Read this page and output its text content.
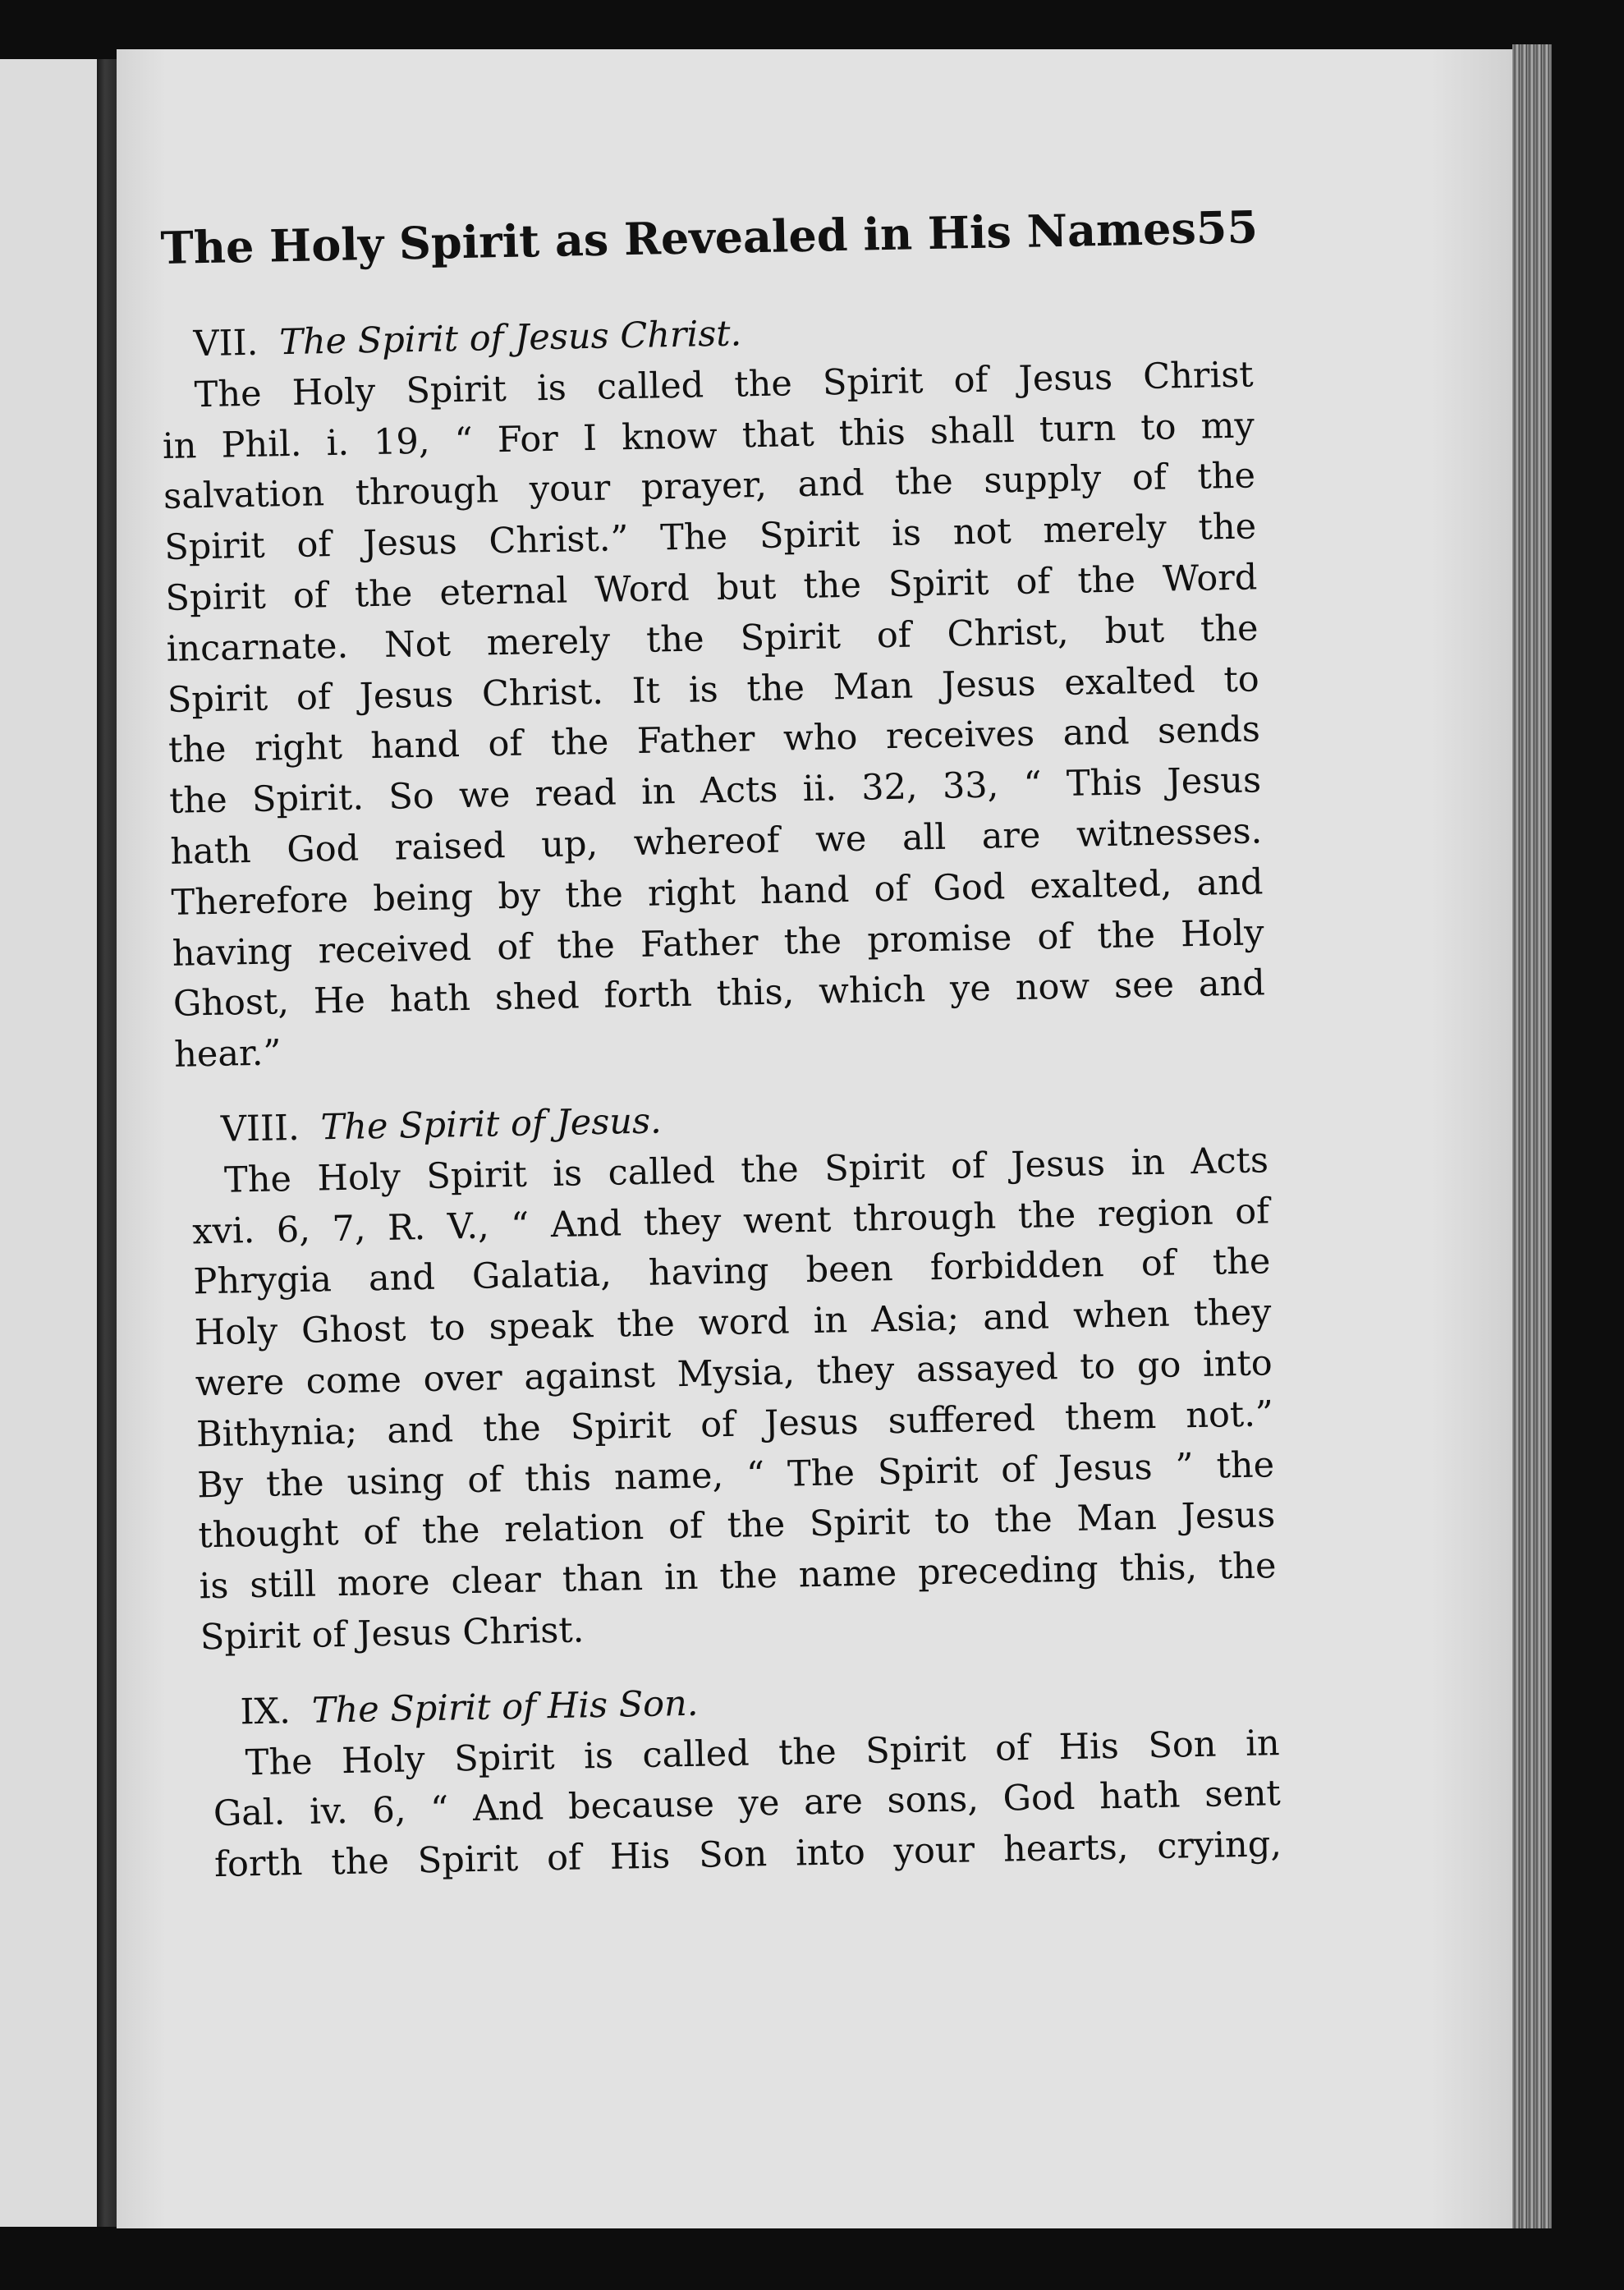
The Holy Spirit as Revealed in His Names
55
VII. The Spirit of Jesus Christ.
The Holy Spirit is called the Spirit of Jesus Christ
in Phil. i. 19, “ For I know that this shall turn to my
salvation through your prayer, and the supply of the
Spirit of Jesus Christ.” The Spirit is not merely the
Spirit of the eternal Word but the Spirit of the Word
incarnate. Not merely the Spirit of Christ, but the
Spirit of Jesus Christ. It is the Man Jesus exalted to
the right hand of the Father who receives and sends
the Spirit. So we read in Acts ii. 32, 33, “ This Jesus
hath God raised up, whereof we all are witnesses.
Therefore being by the right hand of God exalted, and
having received of the Father the promise of the Holy
Ghost, He hath shed forth this, which ye now see and
hear.”
VIII. The Spirit of Jesus.
The Holy Spirit is called the Spirit of Jesus in Acts
xvi. 6, 7, R. V., “ And they went through the region of
Phrygia and Galatia, having been forbidden of the
Holy Ghost to speak the word in Asia; and when they
were come over against Mysia, they assayed to go into
Bithynia; and the Spirit of Jesus suffered them not.”
By the using of this name, “ The Spirit of Jesus ” the
thought of the relation of the Spirit to the Man Jesus
is still more clear than in the name preceding this, the
Spirit of Jesus Christ.
IX. The Spirit of His Son.
The Holy Spirit is called the Spirit of His Son in
Gal. iv. 6, “ And because ye are sons, God hath sent
forth the Spirit of His Son into your hearts, crying,
